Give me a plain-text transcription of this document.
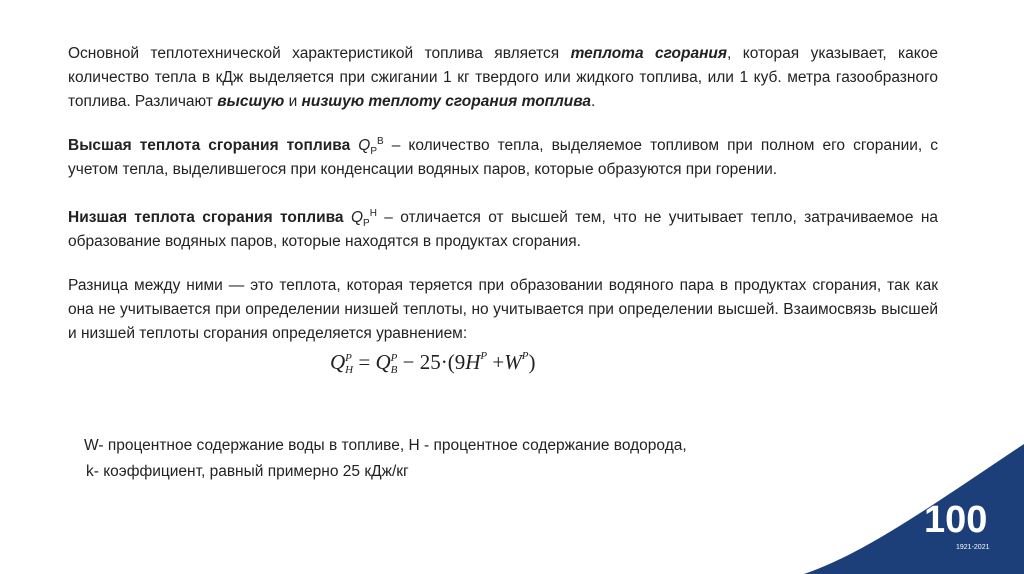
Основной теплотехнической характеристикой топлива является теплота сгорания, которая указывает, какое количество тепла в кДж выделяется при сжигании 1 кг твердого или жидкого топлива, или 1 куб. метра газообразного топлива. Различают высшую и низшую теплоту сгорания топлива.
Высшая теплота сгорания топлива $Q_Р^В$ – количество тепла, выделяемое топливом при полном его сгорании, с учетом тепла, выделившегося при конденсации водяных паров, которые образуются при горении.
Низшая теплота сгорания топлива $Q_Р^Н$ – отличается от высшей тем, что не учитывает тепло, затрачиваемое на образование водяных паров, которые находятся в продуктах сгорания.
Разница между ними — это теплота, которая теряется при образовании водяного пара в продуктах сгорания, так как она не учитывается при определении низшей теплоты, но учитывается при определении высшей. Взаимосвязь высшей и низшей теплоты сгорания определяется уравнением:
Q P
H = Q P
$B - 25\cdot(9H^P +W^P)$
W- процентное содержание воды в топливе, H - процентное содержание водорода,
k- коэффициент, равный примерно 25 кДж/кг
100
1921-2021
